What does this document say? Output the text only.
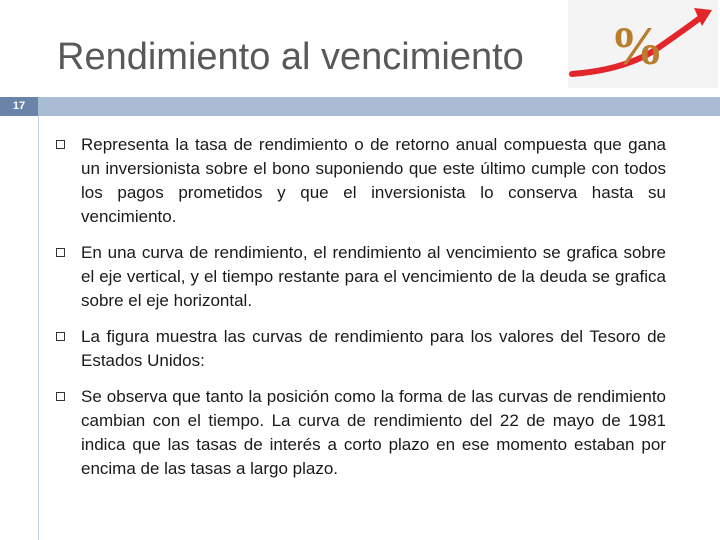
Rendimiento al vencimiento %
17
Representa la tasa de rendimiento o de retorno anual compuesta que gana un inversionista sobre el bono suponiendo que este último cumple con todos los pagos prometidos y que el inversionista lo conserva hasta su vencimiento.
En una curva de rendimiento, el rendimiento al vencimiento se grafica sobre el eje vertical, y el tiempo restante para el vencimiento de la deuda se grafica sobre el eje horizontal.
La figura muestra las curvas de rendimiento para los valores del Tesoro de Estados Unidos:
Se observa que tanto la posición como la forma de las curvas de rendimiento cambian con el tiempo. La curva de rendimiento del 22 de mayo de 1981 indica que las tasas de interés a corto plazo en ese momento estaban por encima de las tasas a largo plazo.
